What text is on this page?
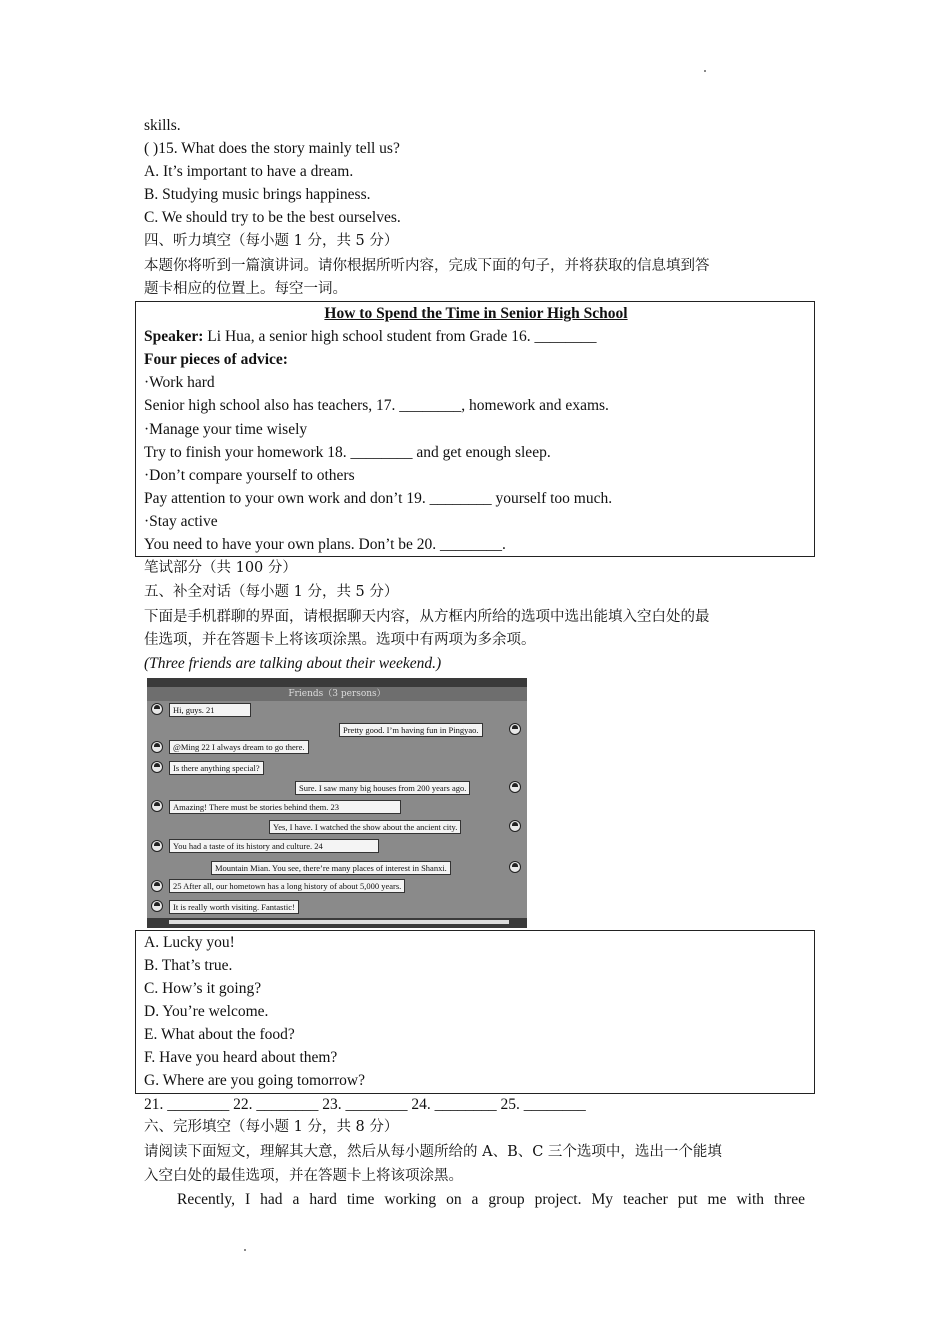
skills.
( )15. What does the story mainly tell us?
A. It’s important to have a dream.
B. Studying music brings happiness.
C. We should try to be the best ourselves.
四、听力填空（每小题 1 分，共 5 分）
本题你将听到一篇演讲词。请你根据所听内容，完成下面的句子，并将获取的信息填到答
题卡相应的位置上。每空一词。
How to Spend the Time in Senior High School
Speaker: Li Hua, a senior high school student from Grade 16. ________
Four pieces of advice:
·Work hard
Senior high school also has teachers, 17. ________, homework and exams.
·Manage your time wisely
Try to finish your homework 18. ________ and get enough sleep.
·Don’t compare yourself to others
Pay attention to your own work and don’t 19. ________ yourself too much.
·Stay active
You need to have your own plans. Don’t be 20. ________.
笔试部分（共 100 分）
五、补全对话（每小题 1 分，共 5 分）
下面是手机群聊的界面，请根据聊天内容，从方框内所给的选项中选出能填入空白处的最
佳选项，并在答题卡上将该项涂黑。选项中有两项为多余项。
(Three friends are talking about their weekend.)
Friends（3 persons）
Hi, guys. 21
Pretty good. I’m having fun in Pingyao.
@Ming 22 I always dream to go there.
Is there anything special?
Sure. I saw many big houses from 200 years ago.
Amazing! There must be stories behind them. 23
Yes, I have. I watched the show about the ancient city.
You had a taste of its history and culture. 24
Mountain Mian. You see, there’re many places of interest in Shanxi.
25 After all, our hometown has a long history of about 5,000 years.
It is really worth visiting. Fantastic!
A. Lucky you!
B. That’s true.
C. How’s it going?
D. You’re welcome.
E. What about the food?
F. Have you heard about them?
G. Where are you going tomorrow?
21. ________ 22. ________ 23. ________ 24. ________ 25. ________
六、完形填空（每小题 1 分，共 8 分）
请阅读下面短文，理解其大意，然后从每小题所给的 A、B、C 三个选项中，选出一个能填
入空白处的最佳选项，并在答题卡上将该项涂黑。
Recently, I had a hard time working on a group project. My teacher put me with three
